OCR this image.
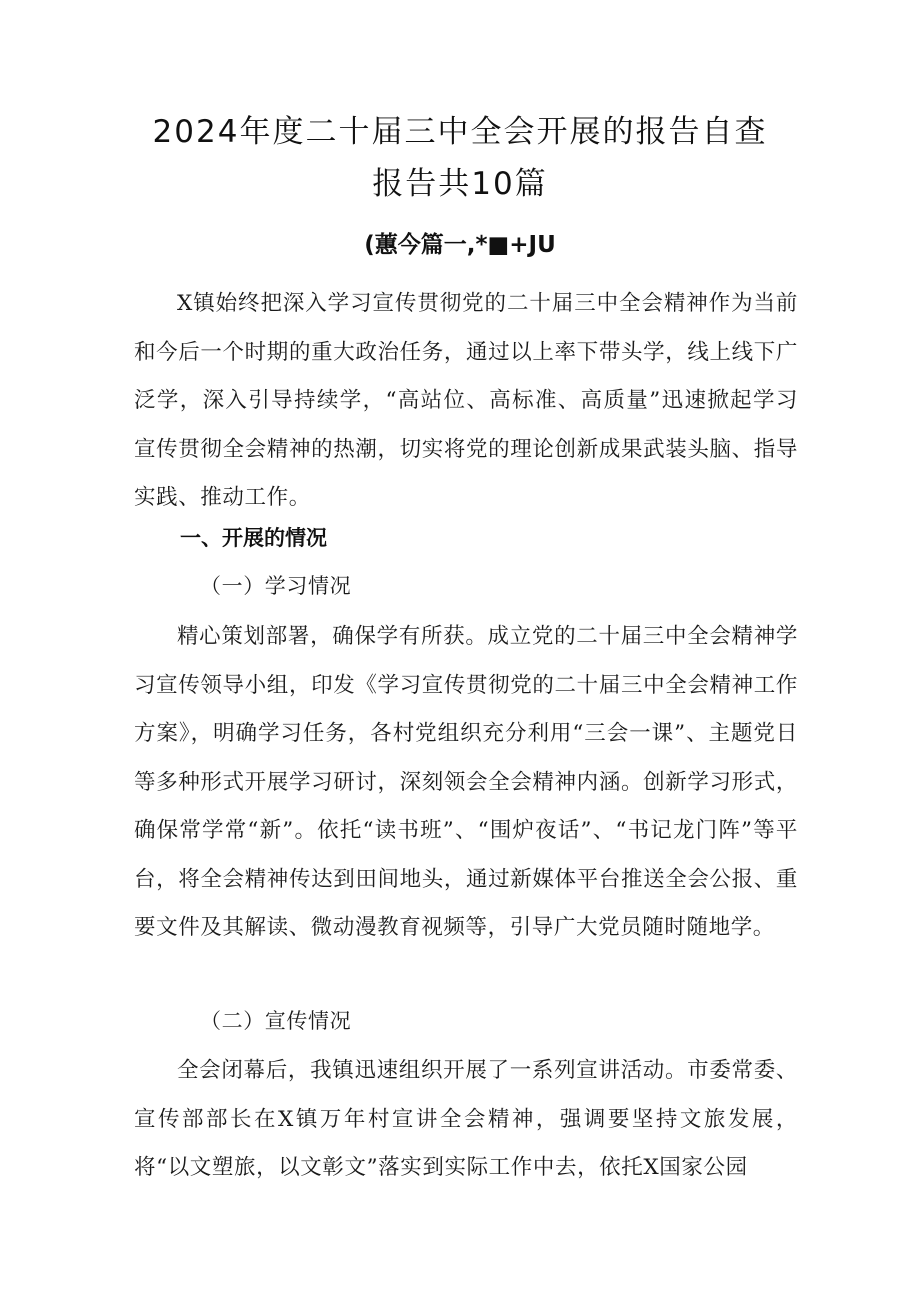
2024年度二十届三中全会开展的报告自查
报告共10篇
(蕙今篇一,*■+JU
X镇始终把深入学习宣传贯彻党的二十届三中全会精神作为当前和今后一个时期的重大政治任务，通过以上率下带头学，线上线下广泛学，深入引导持续学，“高站位、高标准、高质量”迅速掀起学习宣传贯彻全会精神的热潮，切实将党的理论创新成果武装头脑、指导实践、推动工作。
一、开展的情况
（一）学习情况
精心策划部署，确保学有所获。成立党的二十届三中全会精神学习宣传领导小组，印发《学习宣传贯彻党的二十届三中全会精神工作方案》，明确学习任务，各村党组织充分利用“三会一课”、主题党日等多种形式开展学习研讨，深刻领会全会精神内涵。创新学习形式，确保常学常“新”。依托“读书班”、“围炉夜话”、“书记龙门阵”等平台，将全会精神传达到田间地头，通过新媒体平台推送全会公报、重要文件及其解读、微动漫教育视频等，引导广大党员随时随地学。
（二）宣传情况
全会闭幕后，我镇迅速组织开展了一系列宣讲活动。市委常委、宣传部部长在X镇万年村宣讲全会精神，强调要坚持文旅发展，将“以文塑旅，以文彰文”落实到实际工作中去，依托X国家公园
